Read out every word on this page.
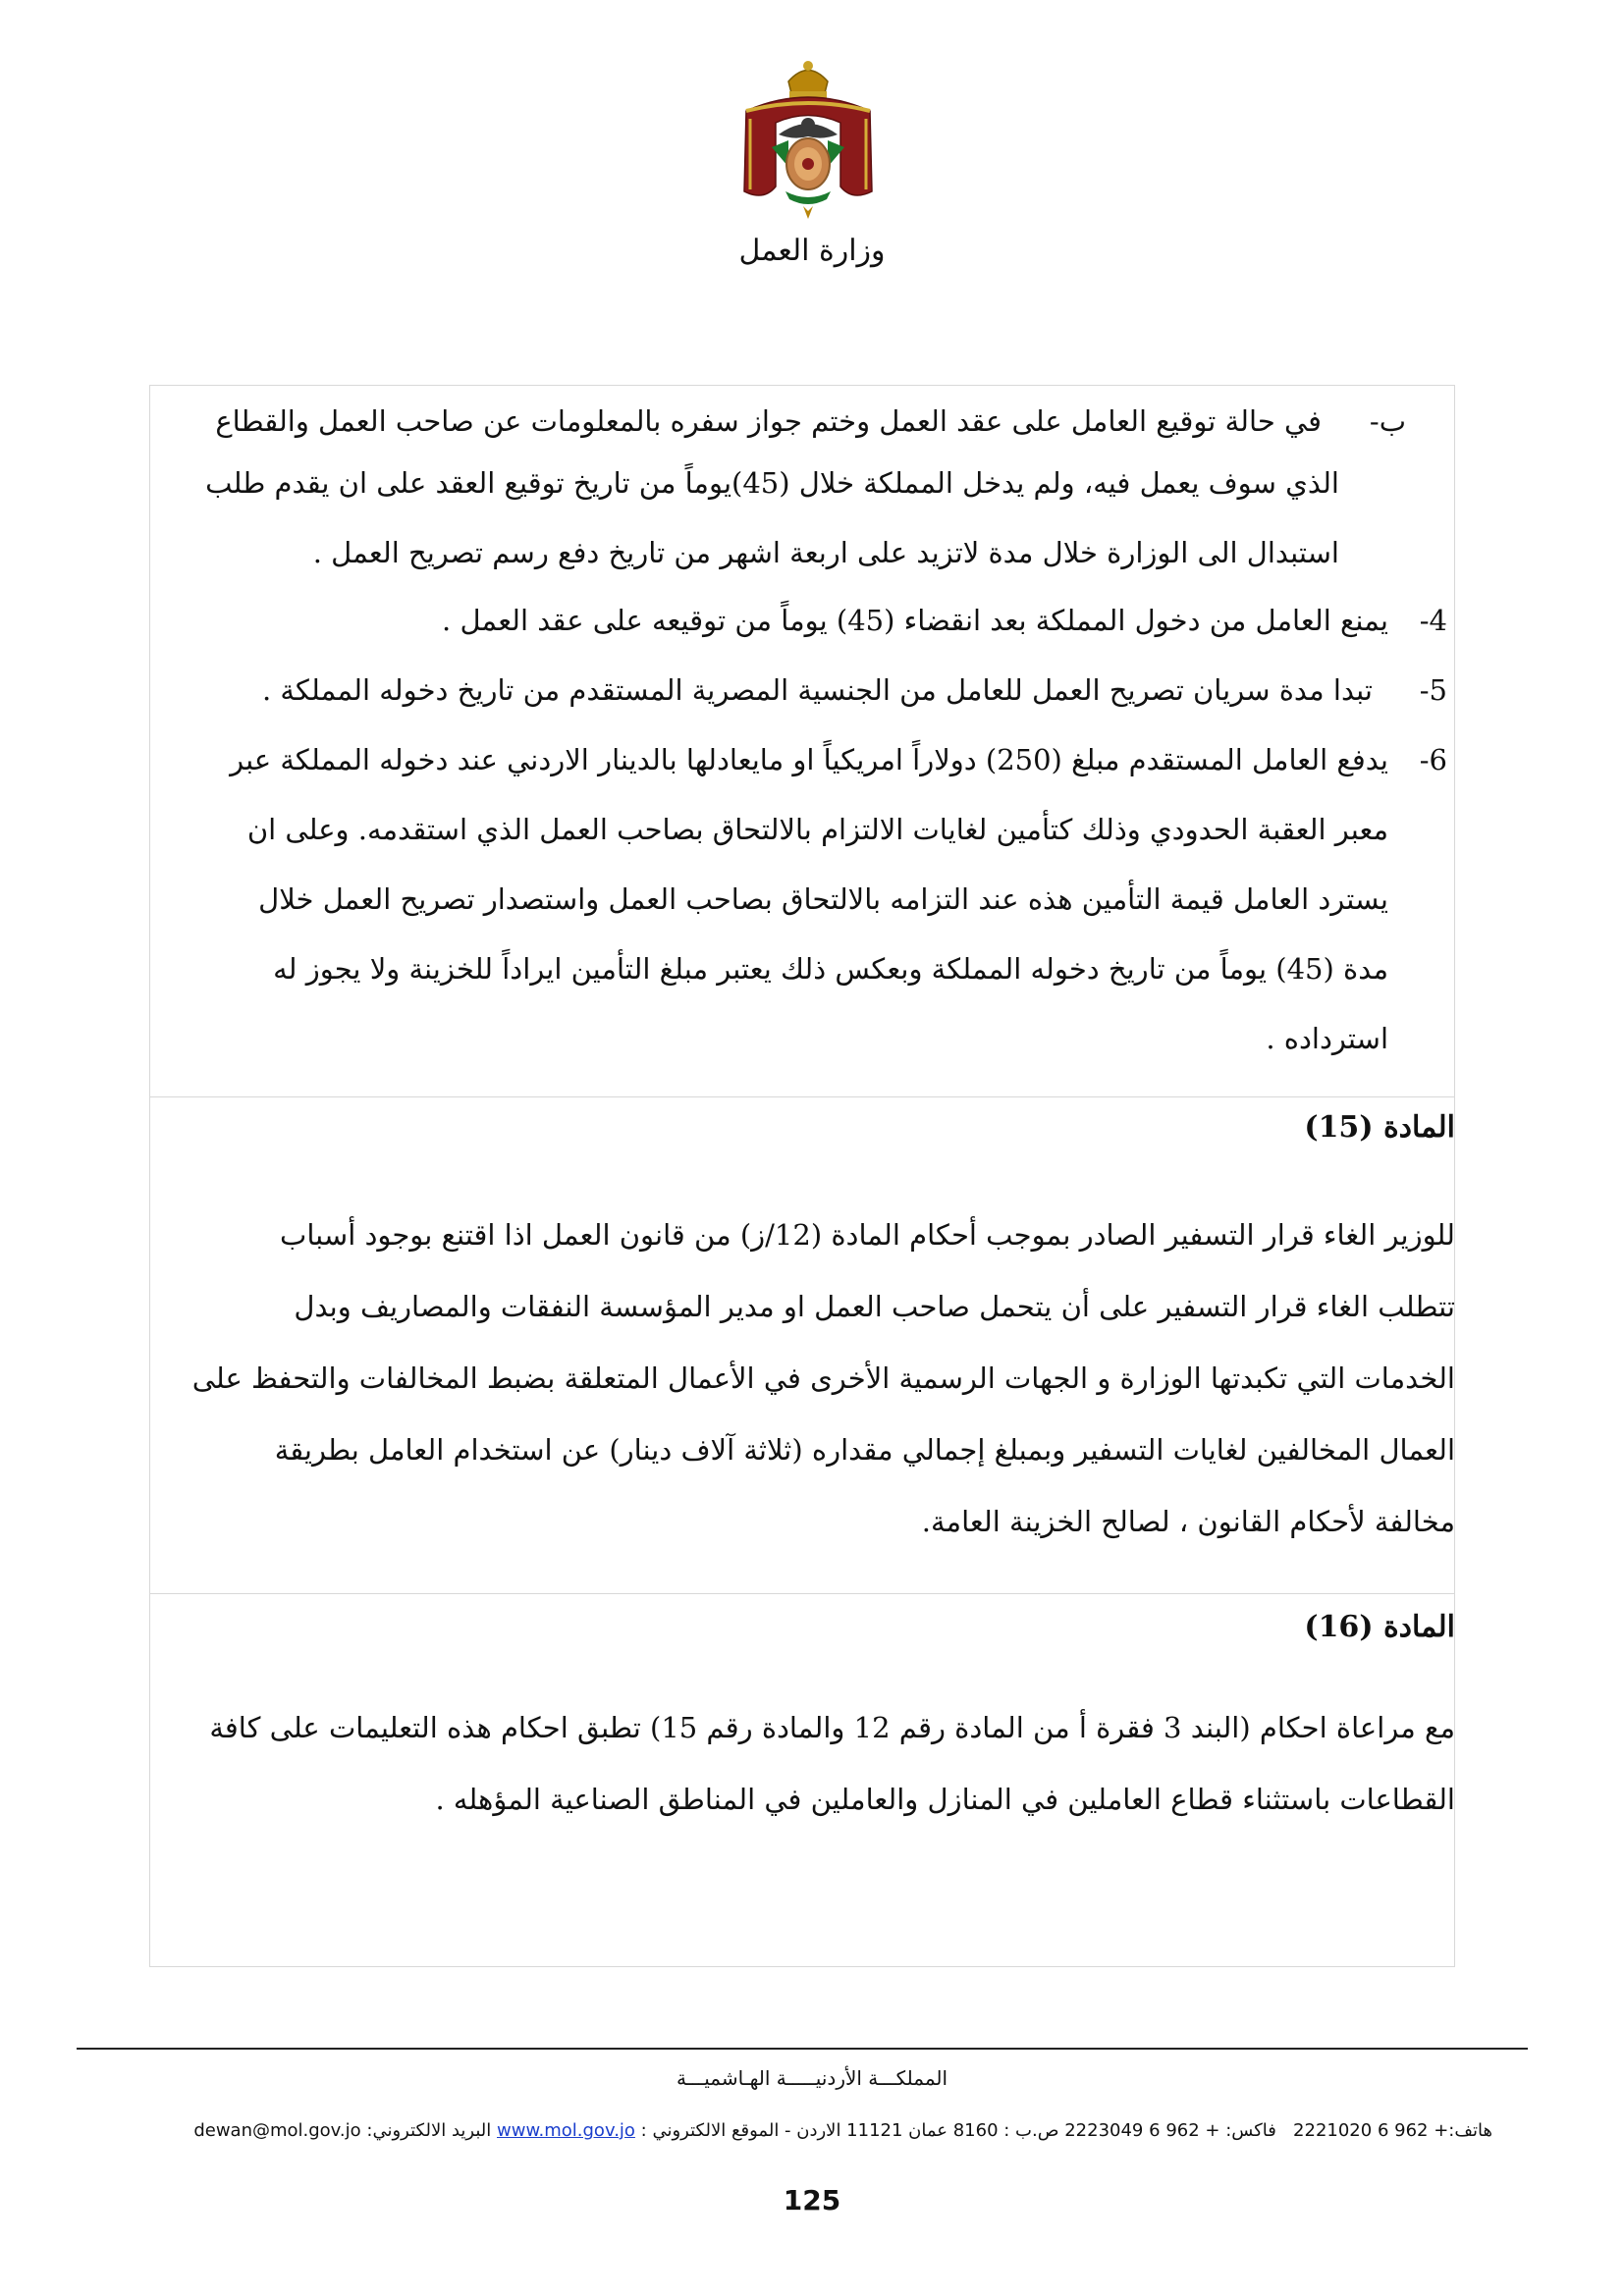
وزارة العمل
ب-
في حالة توقيع العامل على عقد العمل وختم جواز سفره بالمعلومات عن صاحب العمل والقطاع
الذي سوف يعمل فيه، ولم يدخل المملكة خلال (45)يوماً من تاريخ توقيع العقد على ان يقدم طلب
استبدال الى الوزارة خلال مدة لاتزيد على اربعة اشهر من تاريخ دفع رسم تصريح العمل .
4-
يمنع العامل من دخول المملكة بعد انقضاء (45) يوماً من توقيعه على عقد العمل .
5-
تبدا مدة سريان تصريح العمل للعامل من الجنسية المصرية المستقدم من تاريخ دخوله المملكة .
6-
يدفع العامل المستقدم مبلغ (250) دولاراً امريكياً او مايعادلها بالدينار الاردني عند دخوله المملكة عبر
معبر العقبة الحدودي وذلك كتأمين لغايات الالتزام بالالتحاق بصاحب العمل الذي استقدمه. وعلى ان
يسترد العامل قيمة التأمين هذه عند التزامه بالالتحاق بصاحب العمل واستصدار تصريح العمل خلال
مدة (45) يوماً من تاريخ دخوله المملكة وبعكس ذلك يعتبر مبلغ التأمين ايراداً للخزينة ولا يجوز له
استرداده .
المادة (15)
للوزير الغاء قرار التسفير الصادر بموجب أحكام المادة (12/ز) من قانون العمل اذا اقتنع بوجود أسباب
تتطلب الغاء قرار التسفير على أن يتحمل صاحب العمل او مدير المؤسسة النفقات والمصاريف وبدل
الخدمات التي تكبدتها الوزارة و الجهات الرسمية الأخرى في الأعمال المتعلقة بضبط المخالفات والتحفظ على
العمال المخالفين لغايات التسفير وبمبلغ إجمالي مقداره (ثلاثة آلاف دينار) عن استخدام العامل بطريقة
مخالفة لأحكام القانون ، لصالح الخزينة العامة.
المادة (16)
مع مراعاة احكام (البند 3 فقرة أ من المادة رقم 12 والمادة رقم 15) تطبق احكام هذه التعليمات على كافة
القطاعات باستثناء قطاع العاملين في المنازل والعاملين في المناطق الصناعية المؤهله .
المملكـــة الأردنيـــــة الهـاشميـــة
هاتف:+ 962 6 2221020   فاكس: + 962 6 2223049 ص.ب : 8160 عمان 11121 الاردن - الموقع الالكتروني : www.mol.gov.jo البريد الالكتروني: dewan@mol.gov.jo
125
